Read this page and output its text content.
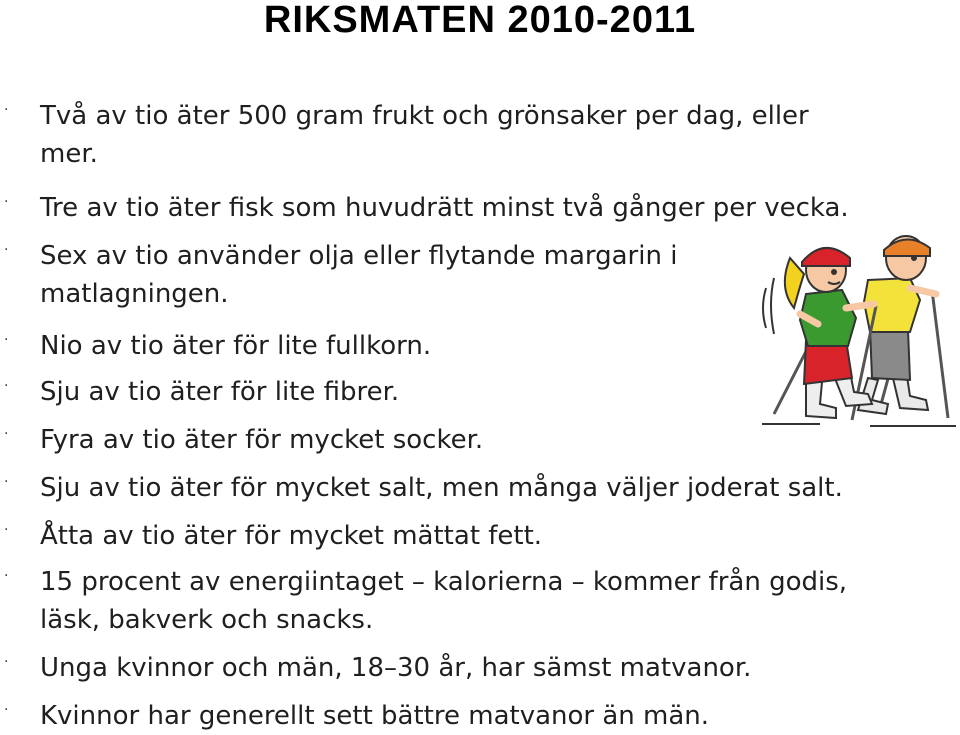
RIKSMATEN 2010-2011
· Två av tio äter 500 gram frukt och grönsaker per dag, eller
mer.
· Tre av tio äter fisk som huvudrätt minst två gånger per vecka.
· Sex av tio använder olja eller flytande margarin i
matlagningen.
· Nio av tio äter för lite fullkorn.
· Sju av tio äter för lite fibrer.
· Fyra av tio äter för mycket socker.
· Sju av tio äter för mycket salt, men många väljer joderat salt.
· Åtta av tio äter för mycket mättat fett.
· 15 procent av energiintaget – kalorierna – kommer från godis,
läsk, bakverk och snacks.
· Unga kvinnor och män, 18–30 år, har sämst matvanor.
· Kvinnor har generellt sett bättre matvanor än män.
